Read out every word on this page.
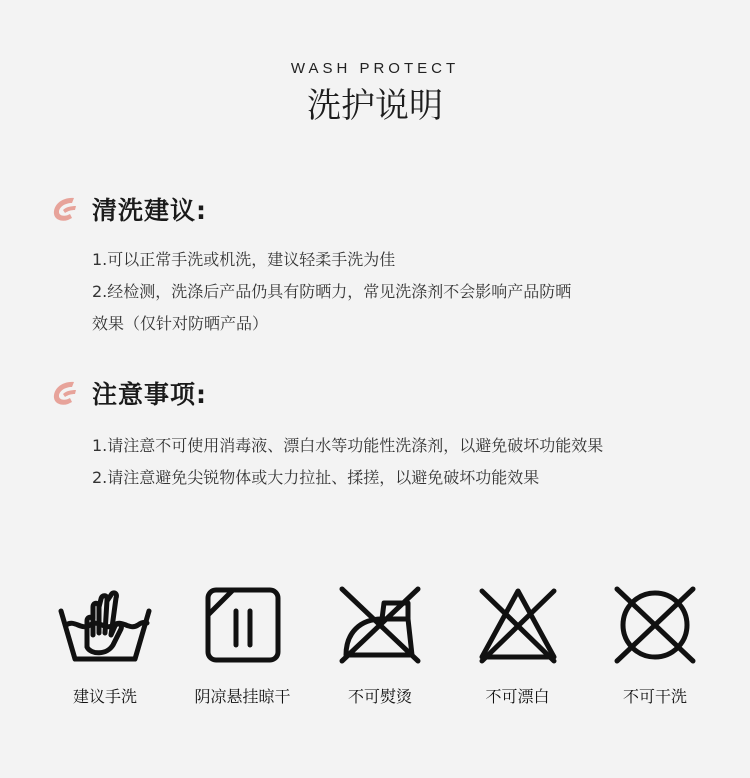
WASH PROTECT
洗护说明
清洗建议:

1.可以正常手洗或机洗，建议轻柔手洗为佳

2.经检测，洗涤后产品仍具有防晒力，常见洗涤剂不会影响产品防晒

效果（仅针对防晒产品）

注意事项:

1.请注意不可使用消毒液、漂白水等功能性洗涤剂，以避免破坏功能效果

2.请注意避免尖锐物体或大力拉扯、揉搓，以避免破坏功能效果

建议手洗	阴凉悬挂晾干	不可熨烫	不可漂白	不可干洗
